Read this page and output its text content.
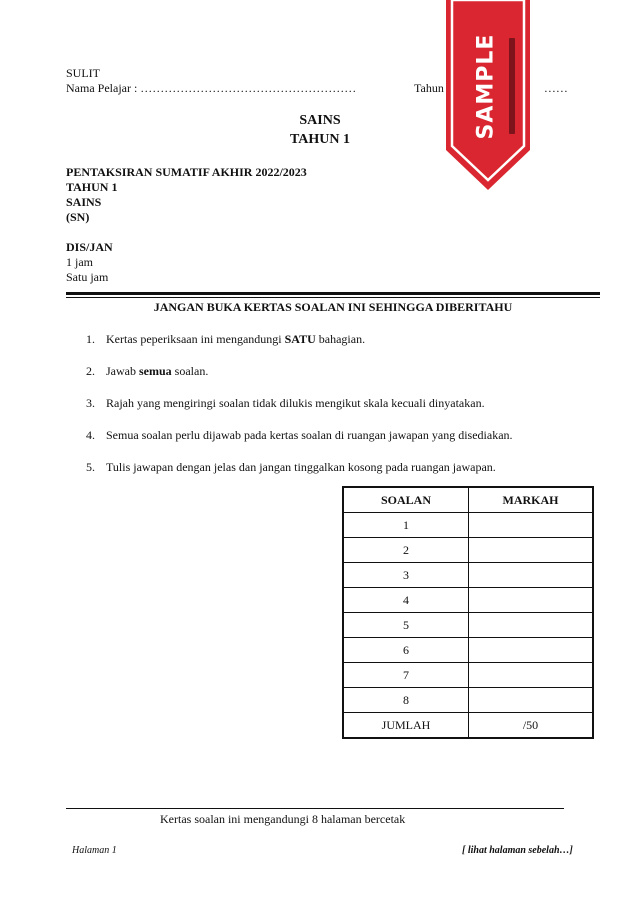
SULIT
Nama Pelajar : ………………………………………………	Tahun	……
SAINS
TAHUN 1
PENTAKSIRAN SUMATIF AKHIR 2022/2023
TAHUN 1
SAINS
(SN)
DIS/JAN
1 jam
Satu jam
JANGAN BUKA KERTAS SOALAN INI SEHINGGA DIBERITAHU
1. Kertas peperiksaan ini mengandungi SATU bahagian.
2. Jawab semua soalan.
3. Rajah yang mengiringi soalan tidak dilukis mengikut skala kecuali dinyatakan.
4. Semua soalan perlu dijawab pada kertas soalan di ruangan jawapan yang disediakan.
5. Tulis jawapan dengan jelas dan jangan tinggalkan kosong pada ruangan jawapan.
SOALAN	MARKAH
1	
2	
3	
4	
5	
6	
7	
8	
JUMLAH	/50
Kertas soalan ini mengandungi 8 halaman bercetak
Halaman 1	[ lihat halaman sebelah…]
SAMPLE
